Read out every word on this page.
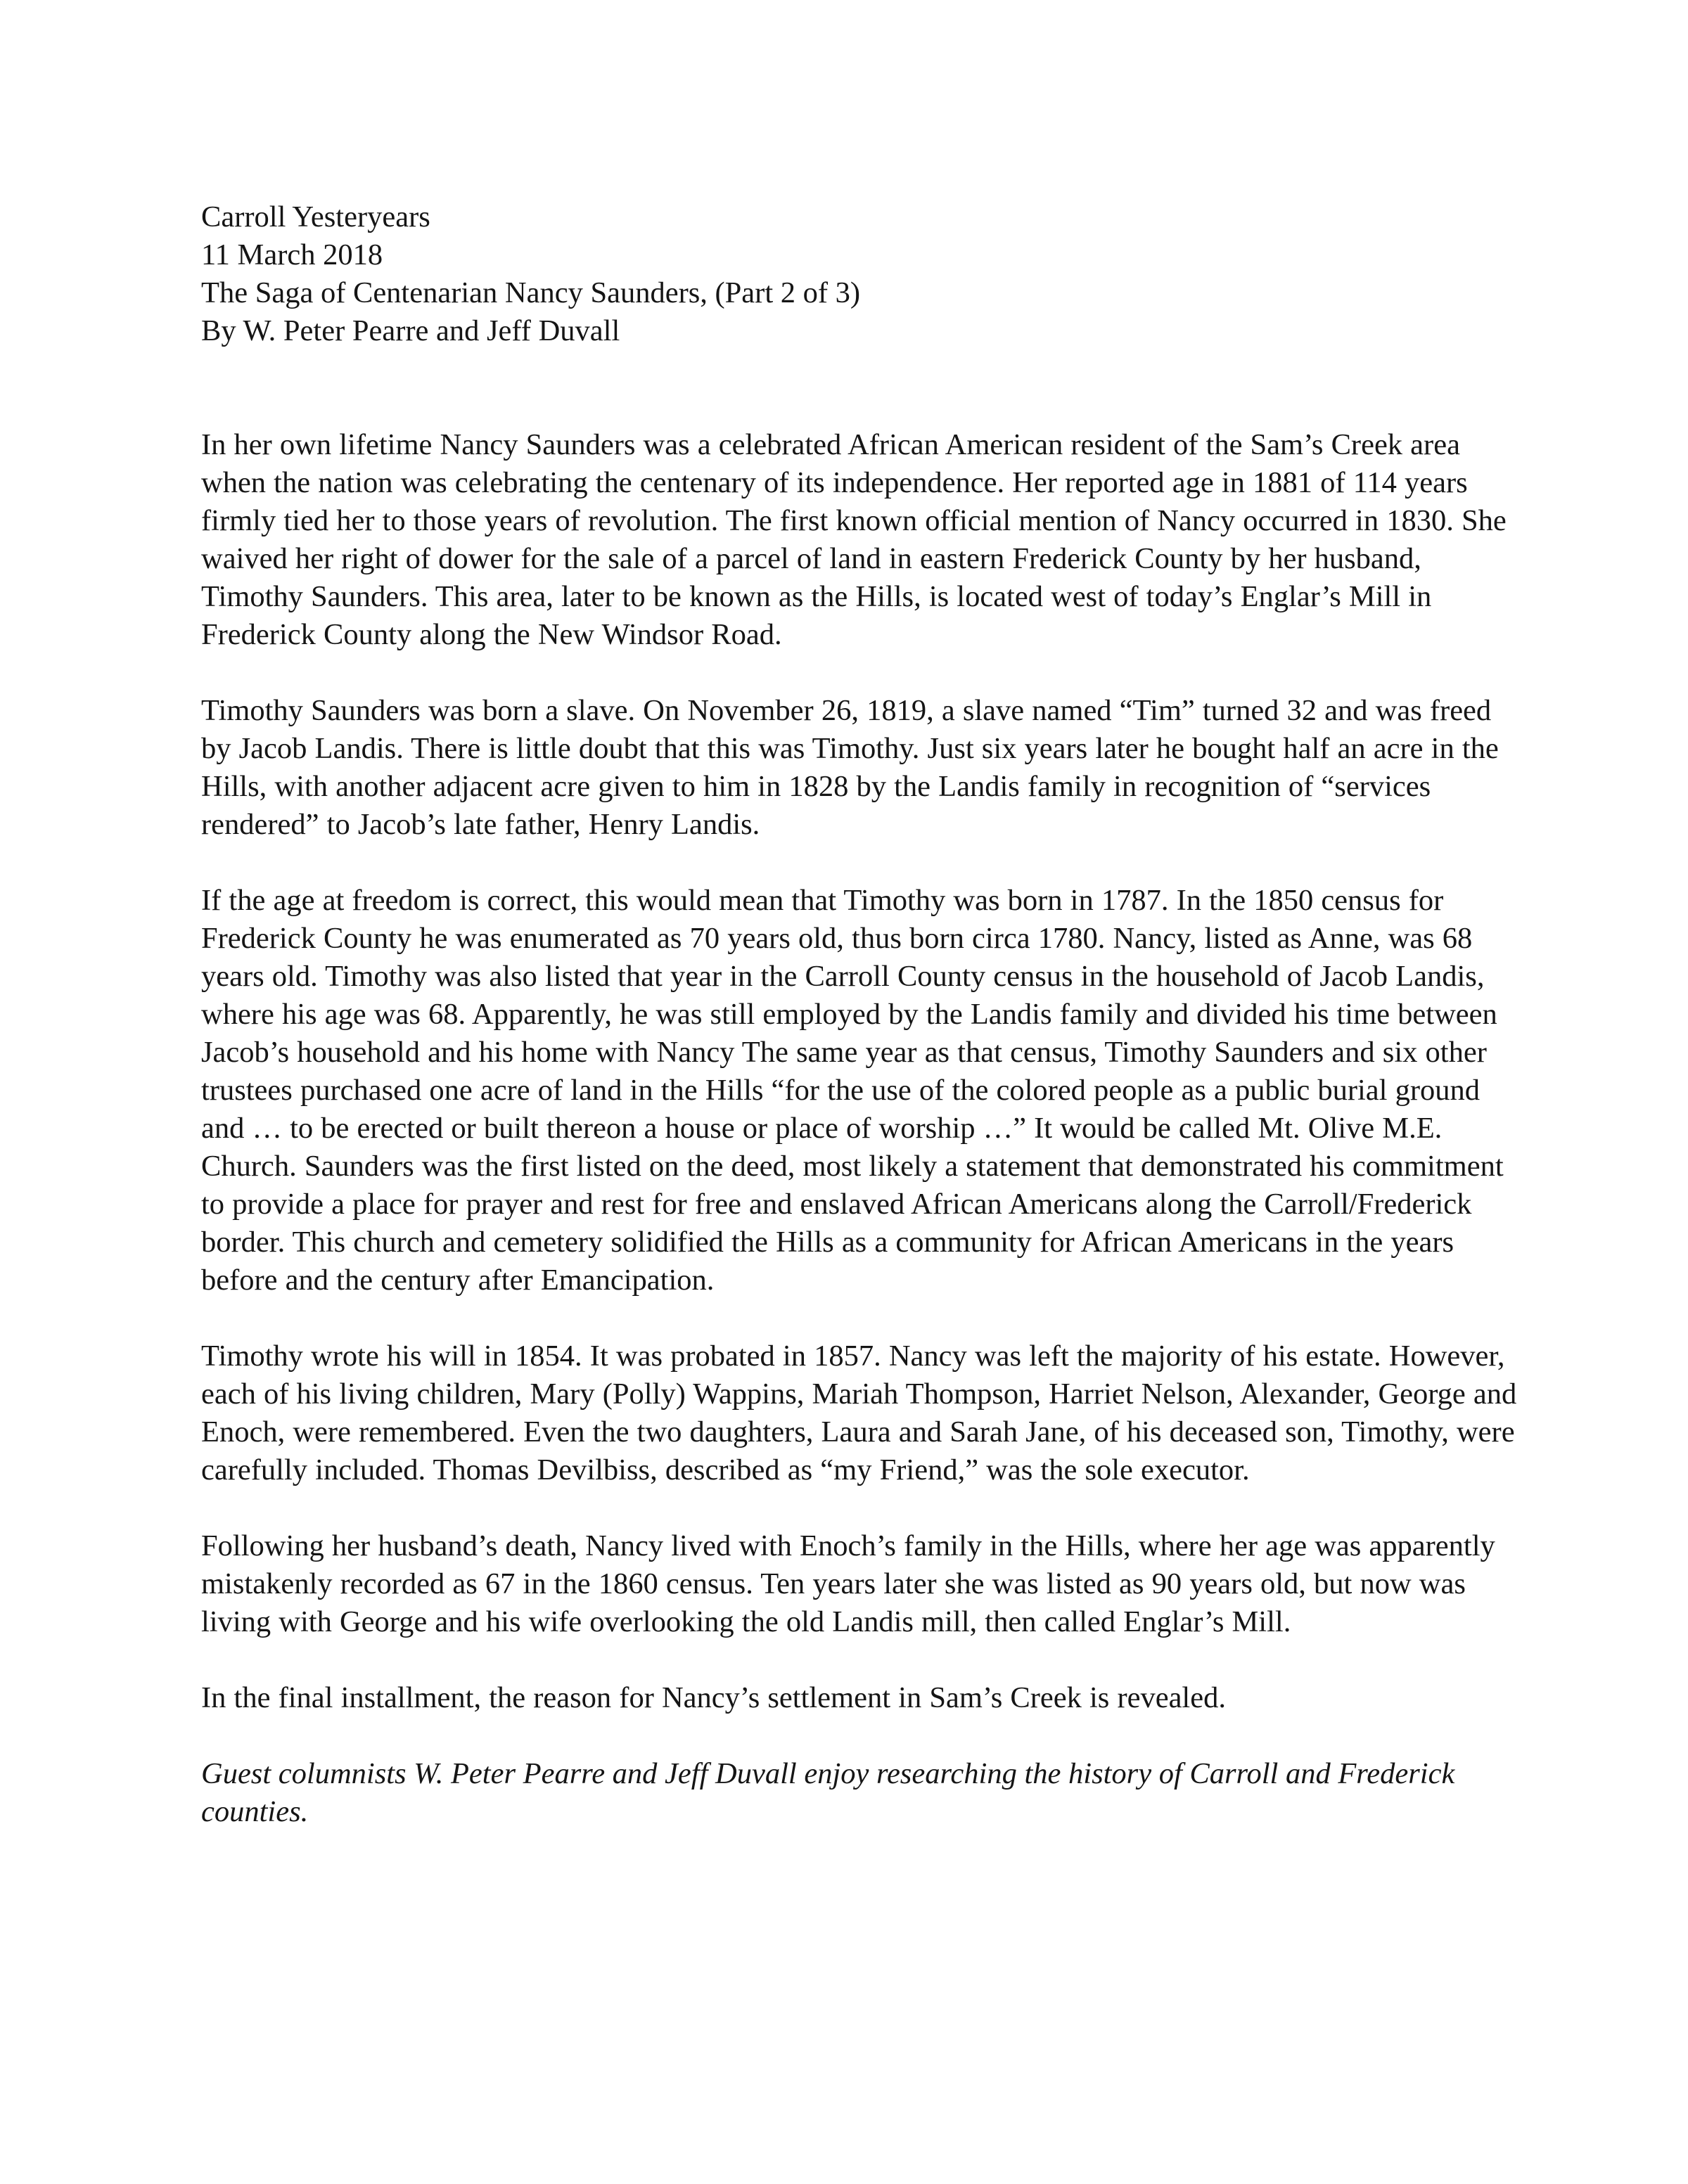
Carroll Yesteryears
11 March 2018
The Saga of Centenarian Nancy Saunders, (Part 2 of 3)
By W. Peter Pearre and Jeff Duvall

In her own lifetime Nancy Saunders was a celebrated African American resident of the Sam’s Creek area when the nation was celebrating the centenary of its independence. Her reported age in 1881 of 114 years firmly tied her to those years of revolution. The first known official mention of Nancy occurred in 1830. She waived her right of dower for the sale of a parcel of land in eastern Frederick County by her husband, Timothy Saunders. This area, later to be known as the Hills, is located west of today’s Englar’s Mill in Frederick County along the New Windsor Road.

Timothy Saunders was born a slave. On November 26, 1819, a slave named “Tim” turned 32 and was freed by Jacob Landis. There is little doubt that this was Timothy. Just six years later he bought half an acre in the Hills, with another adjacent acre given to him in 1828 by the Landis family in recognition of “services rendered” to Jacob’s late father, Henry Landis.

If the age at freedom is correct, this would mean that Timothy was born in 1787. In the 1850 census for Frederick County he was enumerated as 70 years old, thus born circa 1780. Nancy, listed as Anne, was 68 years old. Timothy was also listed that year in the Carroll County census in the household of Jacob Landis, where his age was 68. Apparently, he was still employed by the Landis family and divided his time between Jacob’s household and his home with Nancy The same year as that census, Timothy Saunders and six other trustees purchased one acre of land in the Hills “for the use of the colored people as a public burial ground and … to be erected or built thereon a house or place of worship …” It would be called Mt. Olive M.E. Church. Saunders was the first listed on the deed, most likely a statement that demonstrated his commitment to provide a place for prayer and rest for free and enslaved African Americans along the Carroll/Frederick border. This church and cemetery solidified the Hills as a community for African Americans in the years before and the century after Emancipation.

Timothy wrote his will in 1854. It was probated in 1857. Nancy was left the majority of his estate. However, each of his living children, Mary (Polly) Wappins, Mariah Thompson, Harriet Nelson, Alexander, George and Enoch, were remembered. Even the two daughters, Laura and Sarah Jane, of his deceased son, Timothy, were carefully included. Thomas Devilbiss, described as “my Friend,” was the sole executor.

Following her husband’s death, Nancy lived with Enoch’s family in the Hills, where her age was apparently mistakenly recorded as 67 in the 1860 census. Ten years later she was listed as 90 years old, but now was living with George and his wife overlooking the old Landis mill, then called Englar’s Mill.

In the final installment, the reason for Nancy’s settlement in Sam’s Creek is revealed.

Guest columnists W. Peter Pearre and Jeff Duvall enjoy researching the history of Carroll and Frederick counties.
